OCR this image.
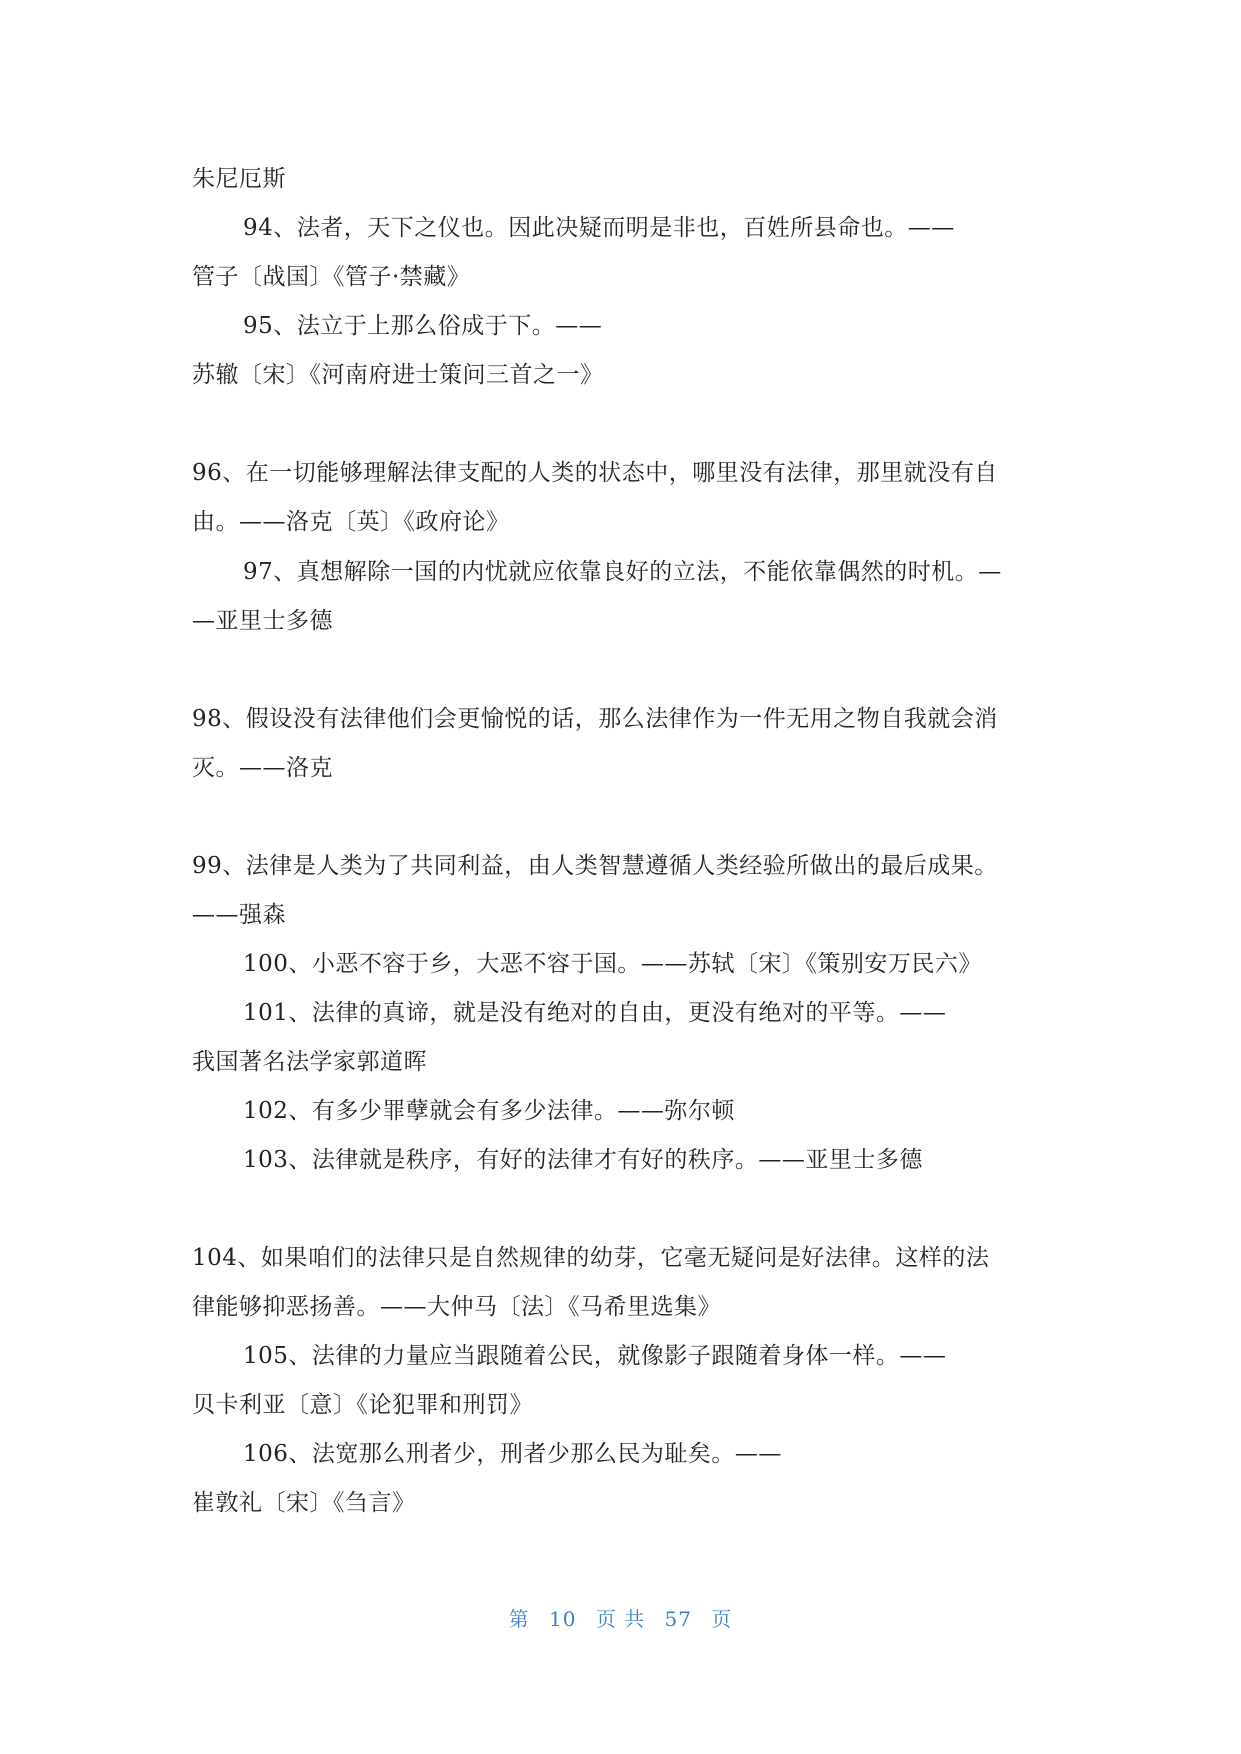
朱尼厄斯
94、法者，天下之仪也。因此决疑而明是非也，百姓所县命也。——
管子〔战国〕《管子·禁藏》
95、法立于上那么俗成于下。——
苏辙〔宋〕《河南府进士策问三首之一》
96、在一切能够理解法律支配的人类的状态中，哪里没有法律，那里就没有自
由。——洛克〔英〕《政府论》
97、真想解除一国的内忧就应依靠良好的立法，不能依靠偶然的时机。—
—亚里士多德
98、假设没有法律他们会更愉悦的话，那么法律作为一件无用之物自我就会消
灭。——洛克
99、法律是人类为了共同利益，由人类智慧遵循人类经验所做出的最后成果。
——强森
100、小恶不容于乡，大恶不容于国。——苏轼〔宋〕《策别安万民六》
101、法律的真谛，就是没有绝对的自由，更没有绝对的平等。——
我国著名法学家郭道晖
102、有多少罪孽就会有多少法律。——弥尔顿
103、法律就是秩序，有好的法律才有好的秩序。——亚里士多德
104、如果咱们的法律只是自然规律的幼芽，它毫无疑问是好法律。这样的法
律能够抑恶扬善。——大仲马〔法〕《马希里选集》
105、法律的力量应当跟随着公民，就像影子跟随着身体一样。——
贝卡利亚〔意〕《论犯罪和刑罚》
106、法宽那么刑者少，刑者少那么民为耻矣。——
崔敦礼〔宋〕《刍言》
第 10 页 共 57 页
